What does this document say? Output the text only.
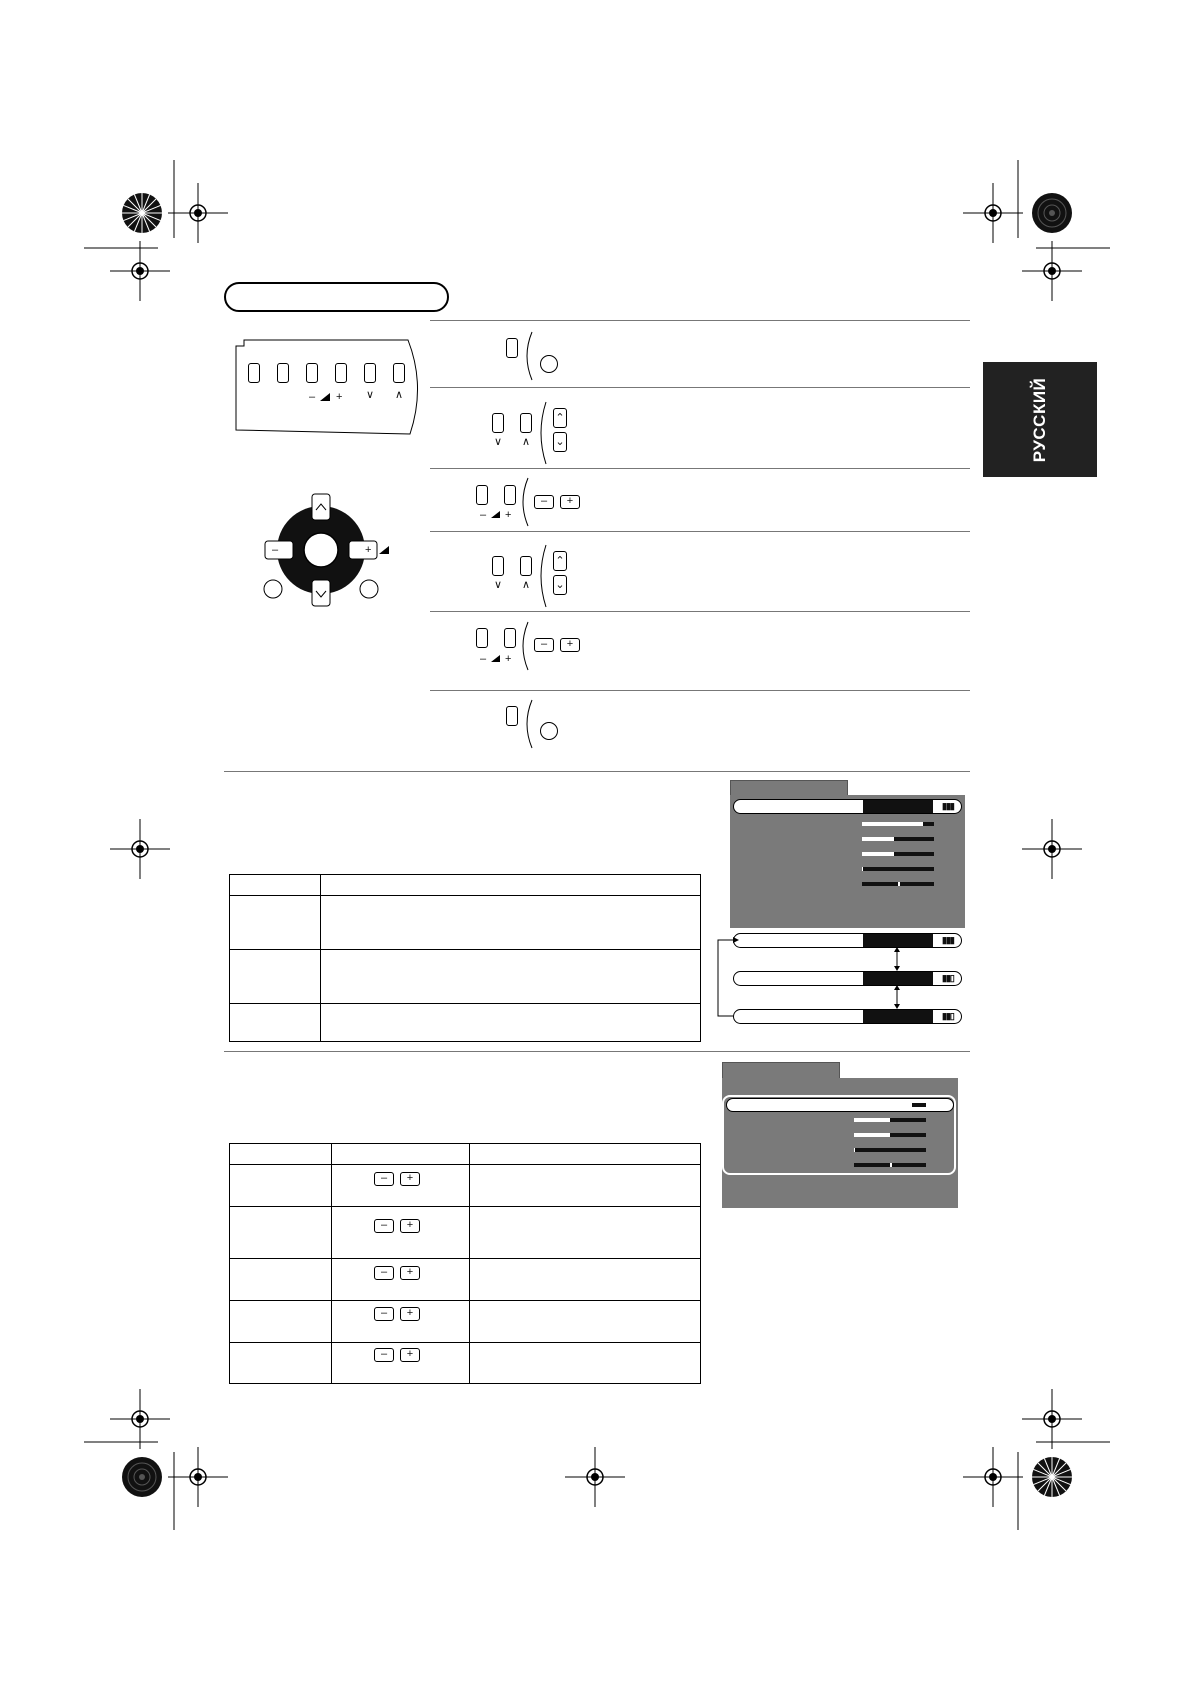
РУССКИЙ
– + ∨ ∧
–	+
∨ ∧
⌃
⌄
– +
–	+
∨ ∧
⌃
⌄
– +
–	+

–	+
–	+
–	+
–	+
–	+
▮▮▮
▮▮▮
▮▮▯
▮▮▯
